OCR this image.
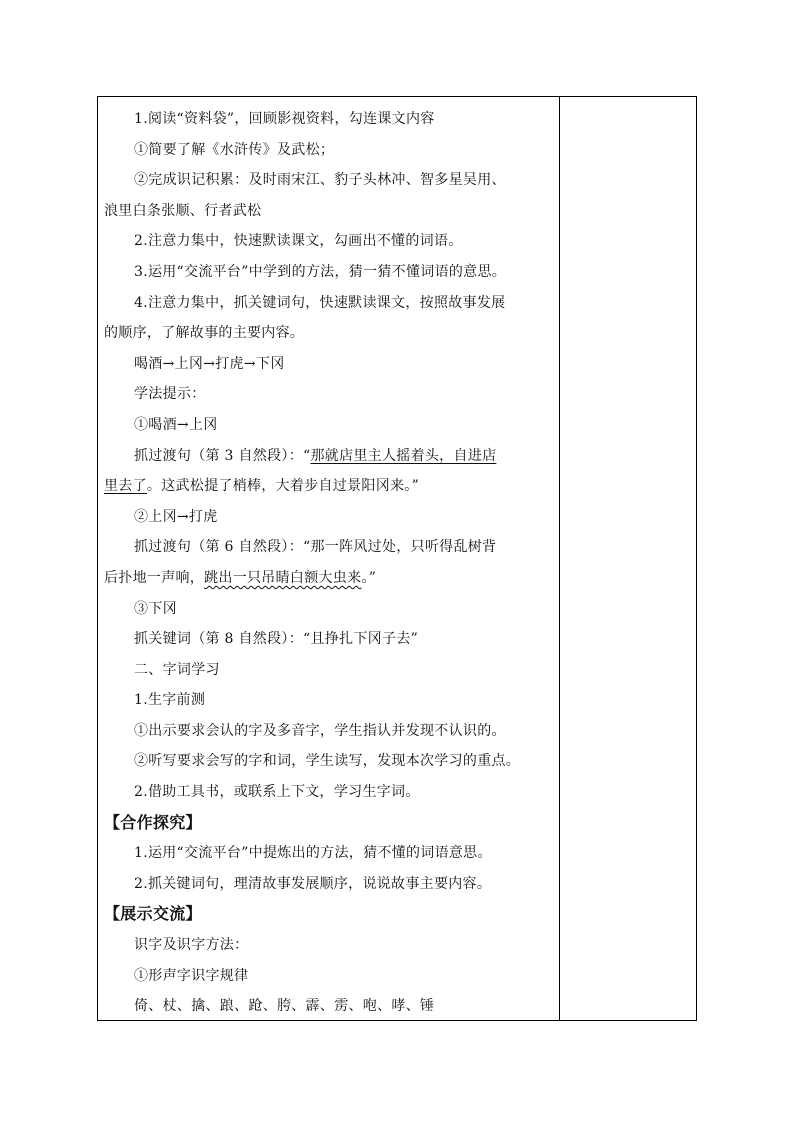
1.阅读“资料袋”，回顾影视资料，勾连课文内容
①简要了解《水浒传》及武松；
②完成识记积累：及时雨宋江、豹子头林冲、智多星吴用、
浪里白条张顺、行者武松
2.注意力集中，快速默读课文，勾画出不懂的词语。
3.运用“交流平台”中学到的方法，猜一猜不懂词语的意思。
4.注意力集中，抓关键词句，快速默读课文，按照故事发展
的顺序，了解故事的主要内容。
喝酒→上冈→打虎→下冈
学法提示：
①喝酒→上冈
抓过渡句（第 3 自然段）：“那就店里主人摇着头，自进店
里去了。这武松提了梢棒，大着步自过景阳冈来。”
②上冈→打虎
抓过渡句（第 6 自然段）：“那一阵风过处，只听得乱树背
后扑地一声响，跳出一只吊睛白额大虫来。”
③下冈
抓关键词（第 8 自然段）：“且挣扎下冈子去”
二、字词学习
1.生字前测
①出示要求会认的字及多音字，学生指认并发现不认识的。
②听写要求会写的字和词，学生读写，发现本次学习的重点。
2.借助工具书，或联系上下文，学习生字词。
【合作探究】
1.运用“交流平台”中提炼出的方法，猜不懂的词语意思。
2.抓关键词句，理清故事发展顺序，说说故事主要内容。
【展示交流】
识字及识字方法：
①形声字识字规律
倚、杖、擒、踉、跄、胯、霹、雳、咆、哮、锤
